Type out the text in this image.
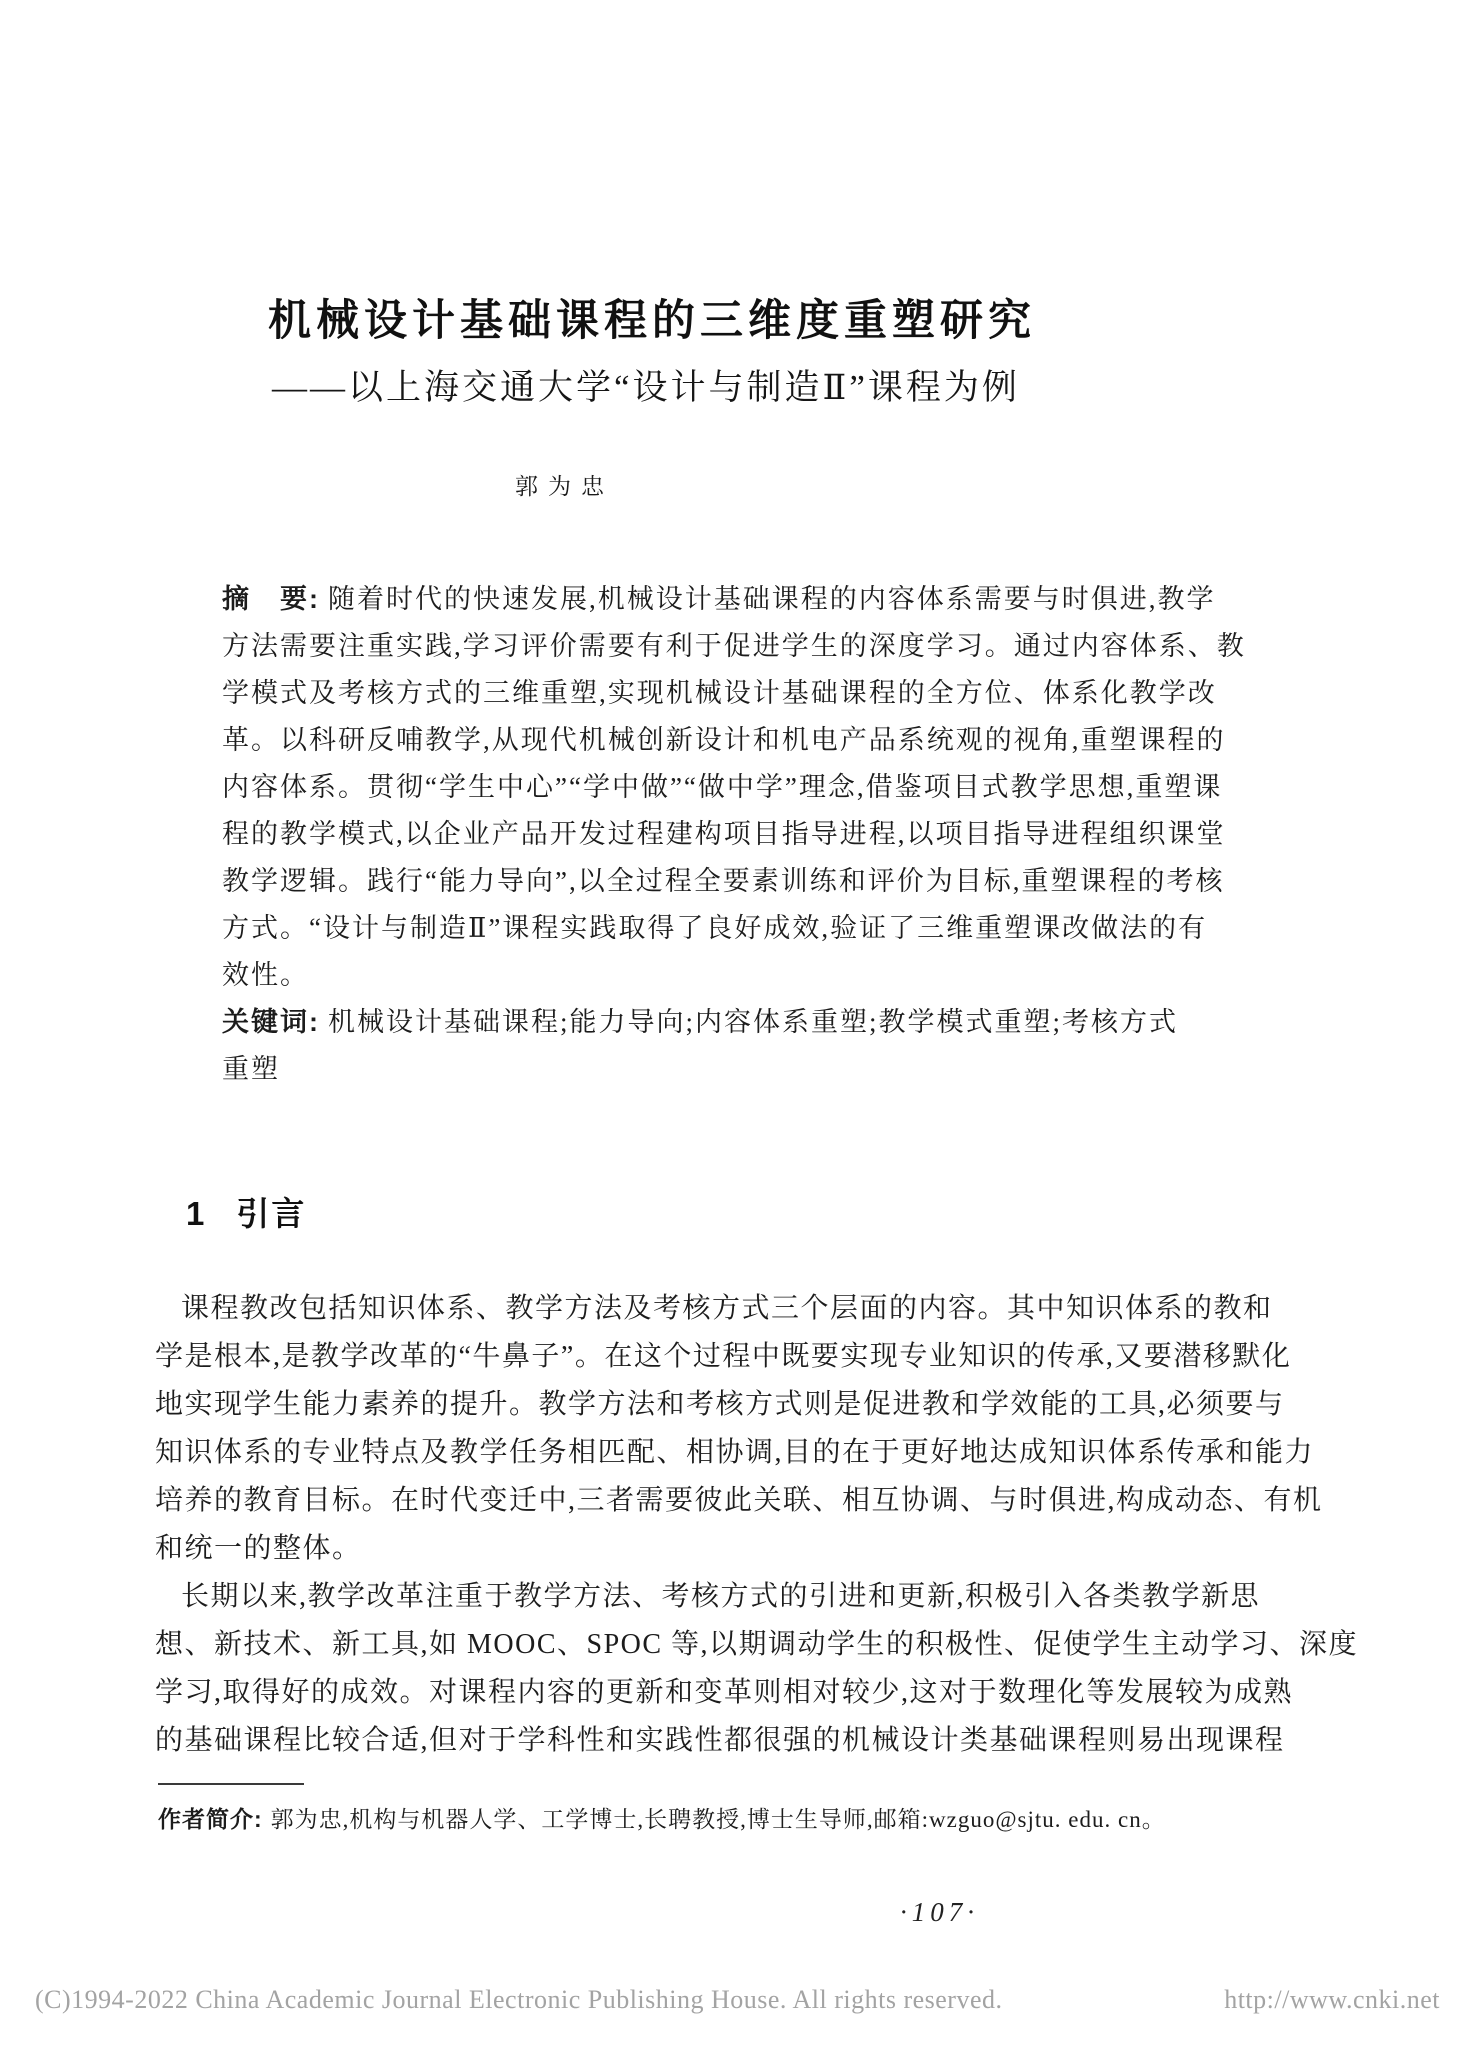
机械设计基础课程的三维度重塑研究
——以上海交通大学“设计与制造Ⅱ”课程为例
郭为忠
摘　要: 随着时代的快速发展,机械设计基础课程的内容体系需要与时俱进,教学
方法需要注重实践,学习评价需要有利于促进学生的深度学习。通过内容体系、教
学模式及考核方式的三维重塑,实现机械设计基础课程的全方位、体系化教学改
革。以科研反哺教学,从现代机械创新设计和机电产品系统观的视角,重塑课程的
内容体系。贯彻“学生中心”“学中做”“做中学”理念,借鉴项目式教学思想,重塑课
程的教学模式,以企业产品开发过程建构项目指导进程,以项目指导进程组织课堂
教学逻辑。践行“能力导向”,以全过程全要素训练和评价为目标,重塑课程的考核
方式。“设计与制造Ⅱ”课程实践取得了良好成效,验证了三维重塑课改做法的有
效性。
关键词: 机械设计基础课程;能力导向;内容体系重塑;教学模式重塑;考核方式
重塑
1 引言
课程教改包括知识体系、教学方法及考核方式三个层面的内容。其中知识体系的教和
学是根本,是教学改革的“牛鼻子”。在这个过程中既要实现专业知识的传承,又要潜移默化
地实现学生能力素养的提升。教学方法和考核方式则是促进教和学效能的工具,必须要与
知识体系的专业特点及教学任务相匹配、相协调,目的在于更好地达成知识体系传承和能力
培养的教育目标。在时代变迁中,三者需要彼此关联、相互协调、与时俱进,构成动态、有机
和统一的整体。
长期以来,教学改革注重于教学方法、考核方式的引进和更新,积极引入各类教学新思
想、新技术、新工具,如 MOOC、SPOC 等,以期调动学生的积极性、促使学生主动学习、深度
学习,取得好的成效。对课程内容的更新和变革则相对较少,这对于数理化等发展较为成熟
的基础课程比较合适,但对于学科性和实践性都很强的机械设计类基础课程则易出现课程
作者简介: 郭为忠,机构与机器人学、工学博士,长聘教授,博士生导师,邮箱:wzguo@sjtu. edu. cn。
·107·
(C)1994-2022 China Academic Journal Electronic Publishing House. All rights reserved.	http://www.cnki.net
